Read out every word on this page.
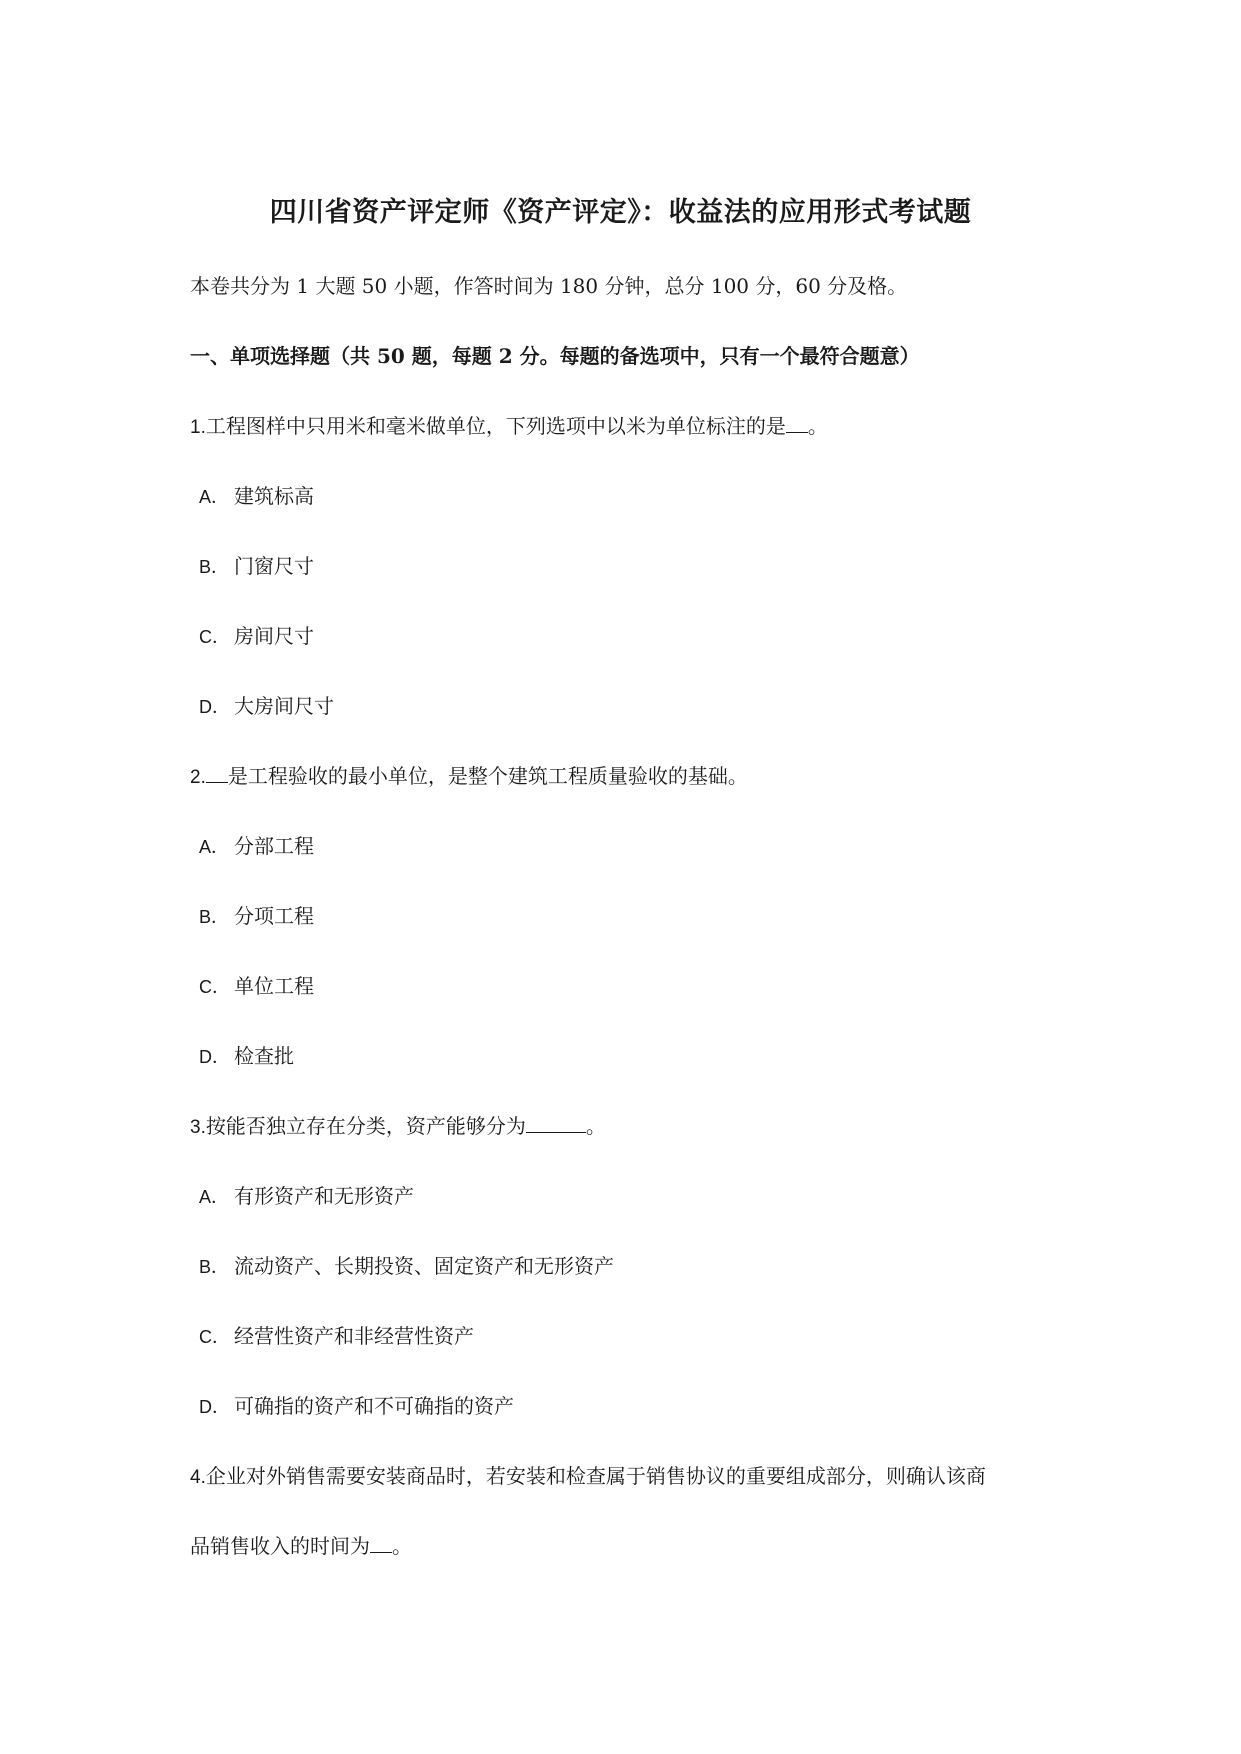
四川省资产评定师《资产评定》：收益法的应用形式考试题
本卷共分为 1 大题 50 小题，作答时间为 180 分钟，总分 100 分，60 分及格。
一、单项选择题（共 50 题，每题 2 分。每题的备选项中，只有一个最符合题意）
1.工程图样中只用米和毫米做单位，下列选项中以米为单位标注的是 。
A． 建筑标高
B． 门窗尺寸
C． 房间尺寸
D． 大房间尺寸
2. 是工程验收的最小单位，是整个建筑工程质量验收的基础。
A． 分部工程
B． 分项工程
C． 单位工程
D． 检查批
3.按能否独立存在分类，资产能够分为	。
A． 有形资产和无形资产
B． 流动资产、长期投资、固定资产和无形资产
C． 经营性资产和非经营性资产
D． 可确指的资产和不可确指的资产
4.企业对外销售需要安装商品时，若安装和检查属于销售协议的重要组成部分，则确认该商
品销售收入的时间为 。
